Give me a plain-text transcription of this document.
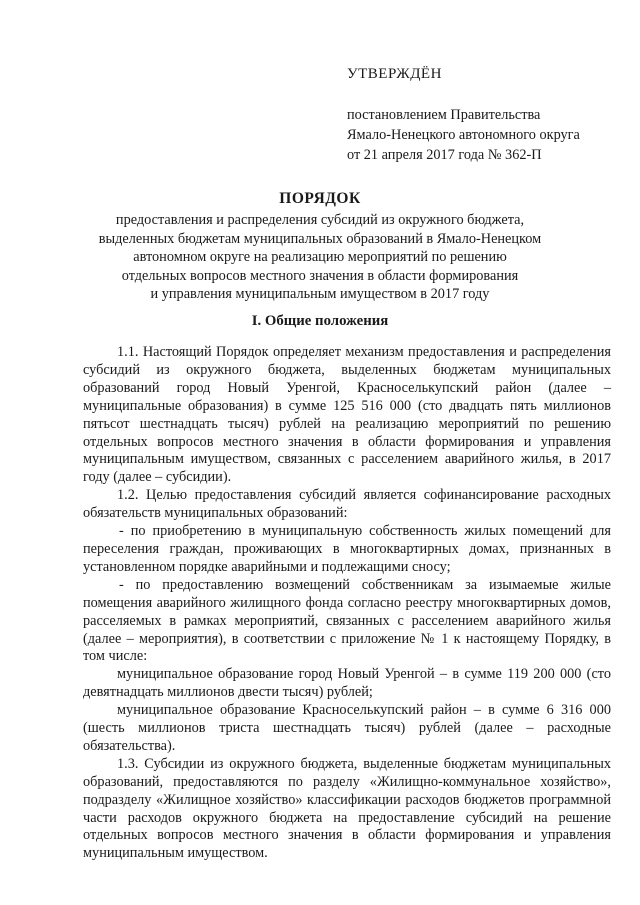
УТВЕРЖДЁН
постановлением Правительства
Ямало-Ненецкого автономного округа
от 21 апреля 2017 года № 362-П
ПОРЯДОК
предоставления и распределения субсидий из окружного бюджета,
выделенных бюджетам муниципальных образований в Ямало-Ненецком
автономном округе на реализацию мероприятий по решению
отдельных вопросов местного значения в области формирования
и управления муниципальным имуществом в 2017 году
I. Общие положения

1.1. Настоящий Порядок определяет механизм предоставления и распределения субсидий из окружного бюджета, выделенных бюджетам муниципальных образований город Новый Уренгой, Красноселькупский район (далее – муниципальные образования) в сумме 125 516 000 (сто двадцать пять миллионов пятьсот шестнадцать тысяч) рублей на реализацию мероприятий по решению отдельных вопросов местного значения в области формирования и управления муниципальным имуществом, связанных с расселением аварийного жилья, в 2017 году (далее – субсидии).

1.2. Целью предоставления субсидий является софинансирование расходных обязательств муниципальных образований:

- по приобретению в муниципальную собственность жилых помещений для переселения граждан, проживающих в многоквартирных домах, признанных в установленном порядке аварийными и подлежащими сносу;

- по предоставлению возмещений собственникам за изымаемые жилые помещения аварийного жилищного фонда согласно реестру многоквартирных домов, расселяемых в рамках мероприятий, связанных с расселением аварийного жилья (далее – мероприятия), в соответствии с приложение № 1 к настоящему Порядку, в том числе:

муниципальное образование город Новый Уренгой – в сумме 119 200 000 (сто девятнадцать миллионов двести тысяч) рублей;

муниципальное образование Красноселькупский район – в сумме 6 316 000 (шесть миллионов триста шестнадцать тысяч) рублей (далее – расходные обязательства).

1.3. Субсидии из окружного бюджета, выделенные бюджетам муниципальных образований, предоставляются по разделу «Жилищно-коммунальное хозяйство», подразделу «Жилищное хозяйство» классификации расходов бюджетов программной части расходов окружного бюджета на предоставление субсидий на решение отдельных вопросов местного значения в области формирования и управления муниципальным имуществом.
